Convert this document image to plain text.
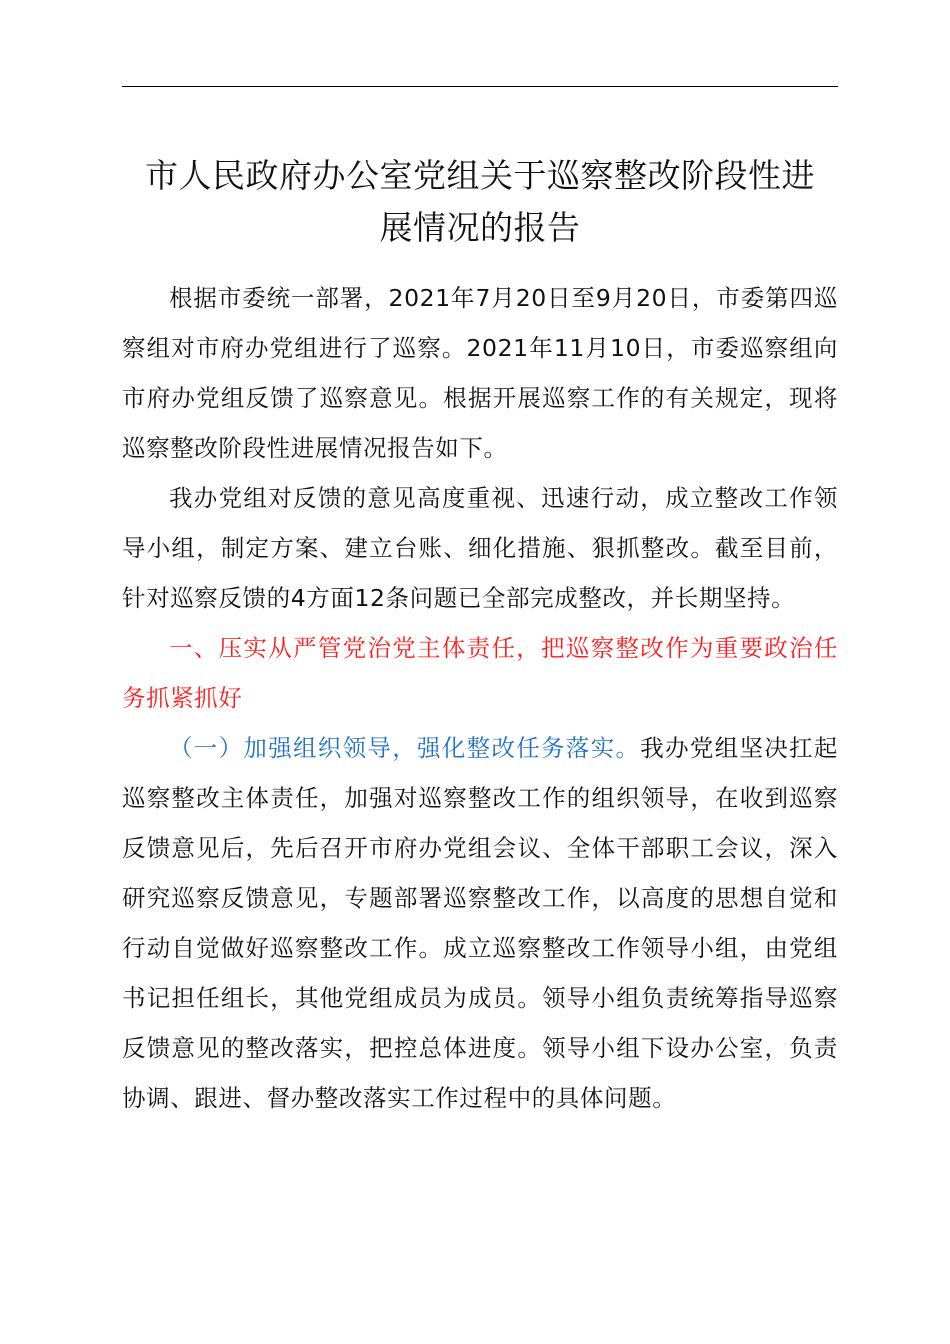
市人民政府办公室党组关于巡察整改阶段性进
展情况的报告

根据市委统一部署，2021年7月20日至9月20日，市委第四巡察组对市府办党组进行了巡察。2021年11月10日，市委巡察组向市府办党组反馈了巡察意见。根据开展巡察工作的有关规定，现将巡察整改阶段性进展情况报告如下。

我办党组对反馈的意见高度重视、迅速行动，成立整改工作领导小组，制定方案、建立台账、细化措施、狠抓整改。截至目前，针对巡察反馈的4方面12条问题已全部完成整改，并长期坚持。

一、压实从严管党治党主体责任，把巡察整改作为重要政治任务抓紧抓好

（一）加强组织领导，强化整改任务落实。我办党组坚决扛起巡察整改主体责任，加强对巡察整改工作的组织领导，在收到巡察反馈意见后，先后召开市府办党组会议、全体干部职工会议，深入研究巡察反馈意见，专题部署巡察整改工作，以高度的思想自觉和行动自觉做好巡察整改工作。成立巡察整改工作领导小组，由党组书记担任组长，其他党组成员为成员。领导小组负责统筹指导巡察反馈意见的整改落实，把控总体进度。领导小组下设办公室，负责协调、跟进、督办整改落实工作过程中的具体问题。
